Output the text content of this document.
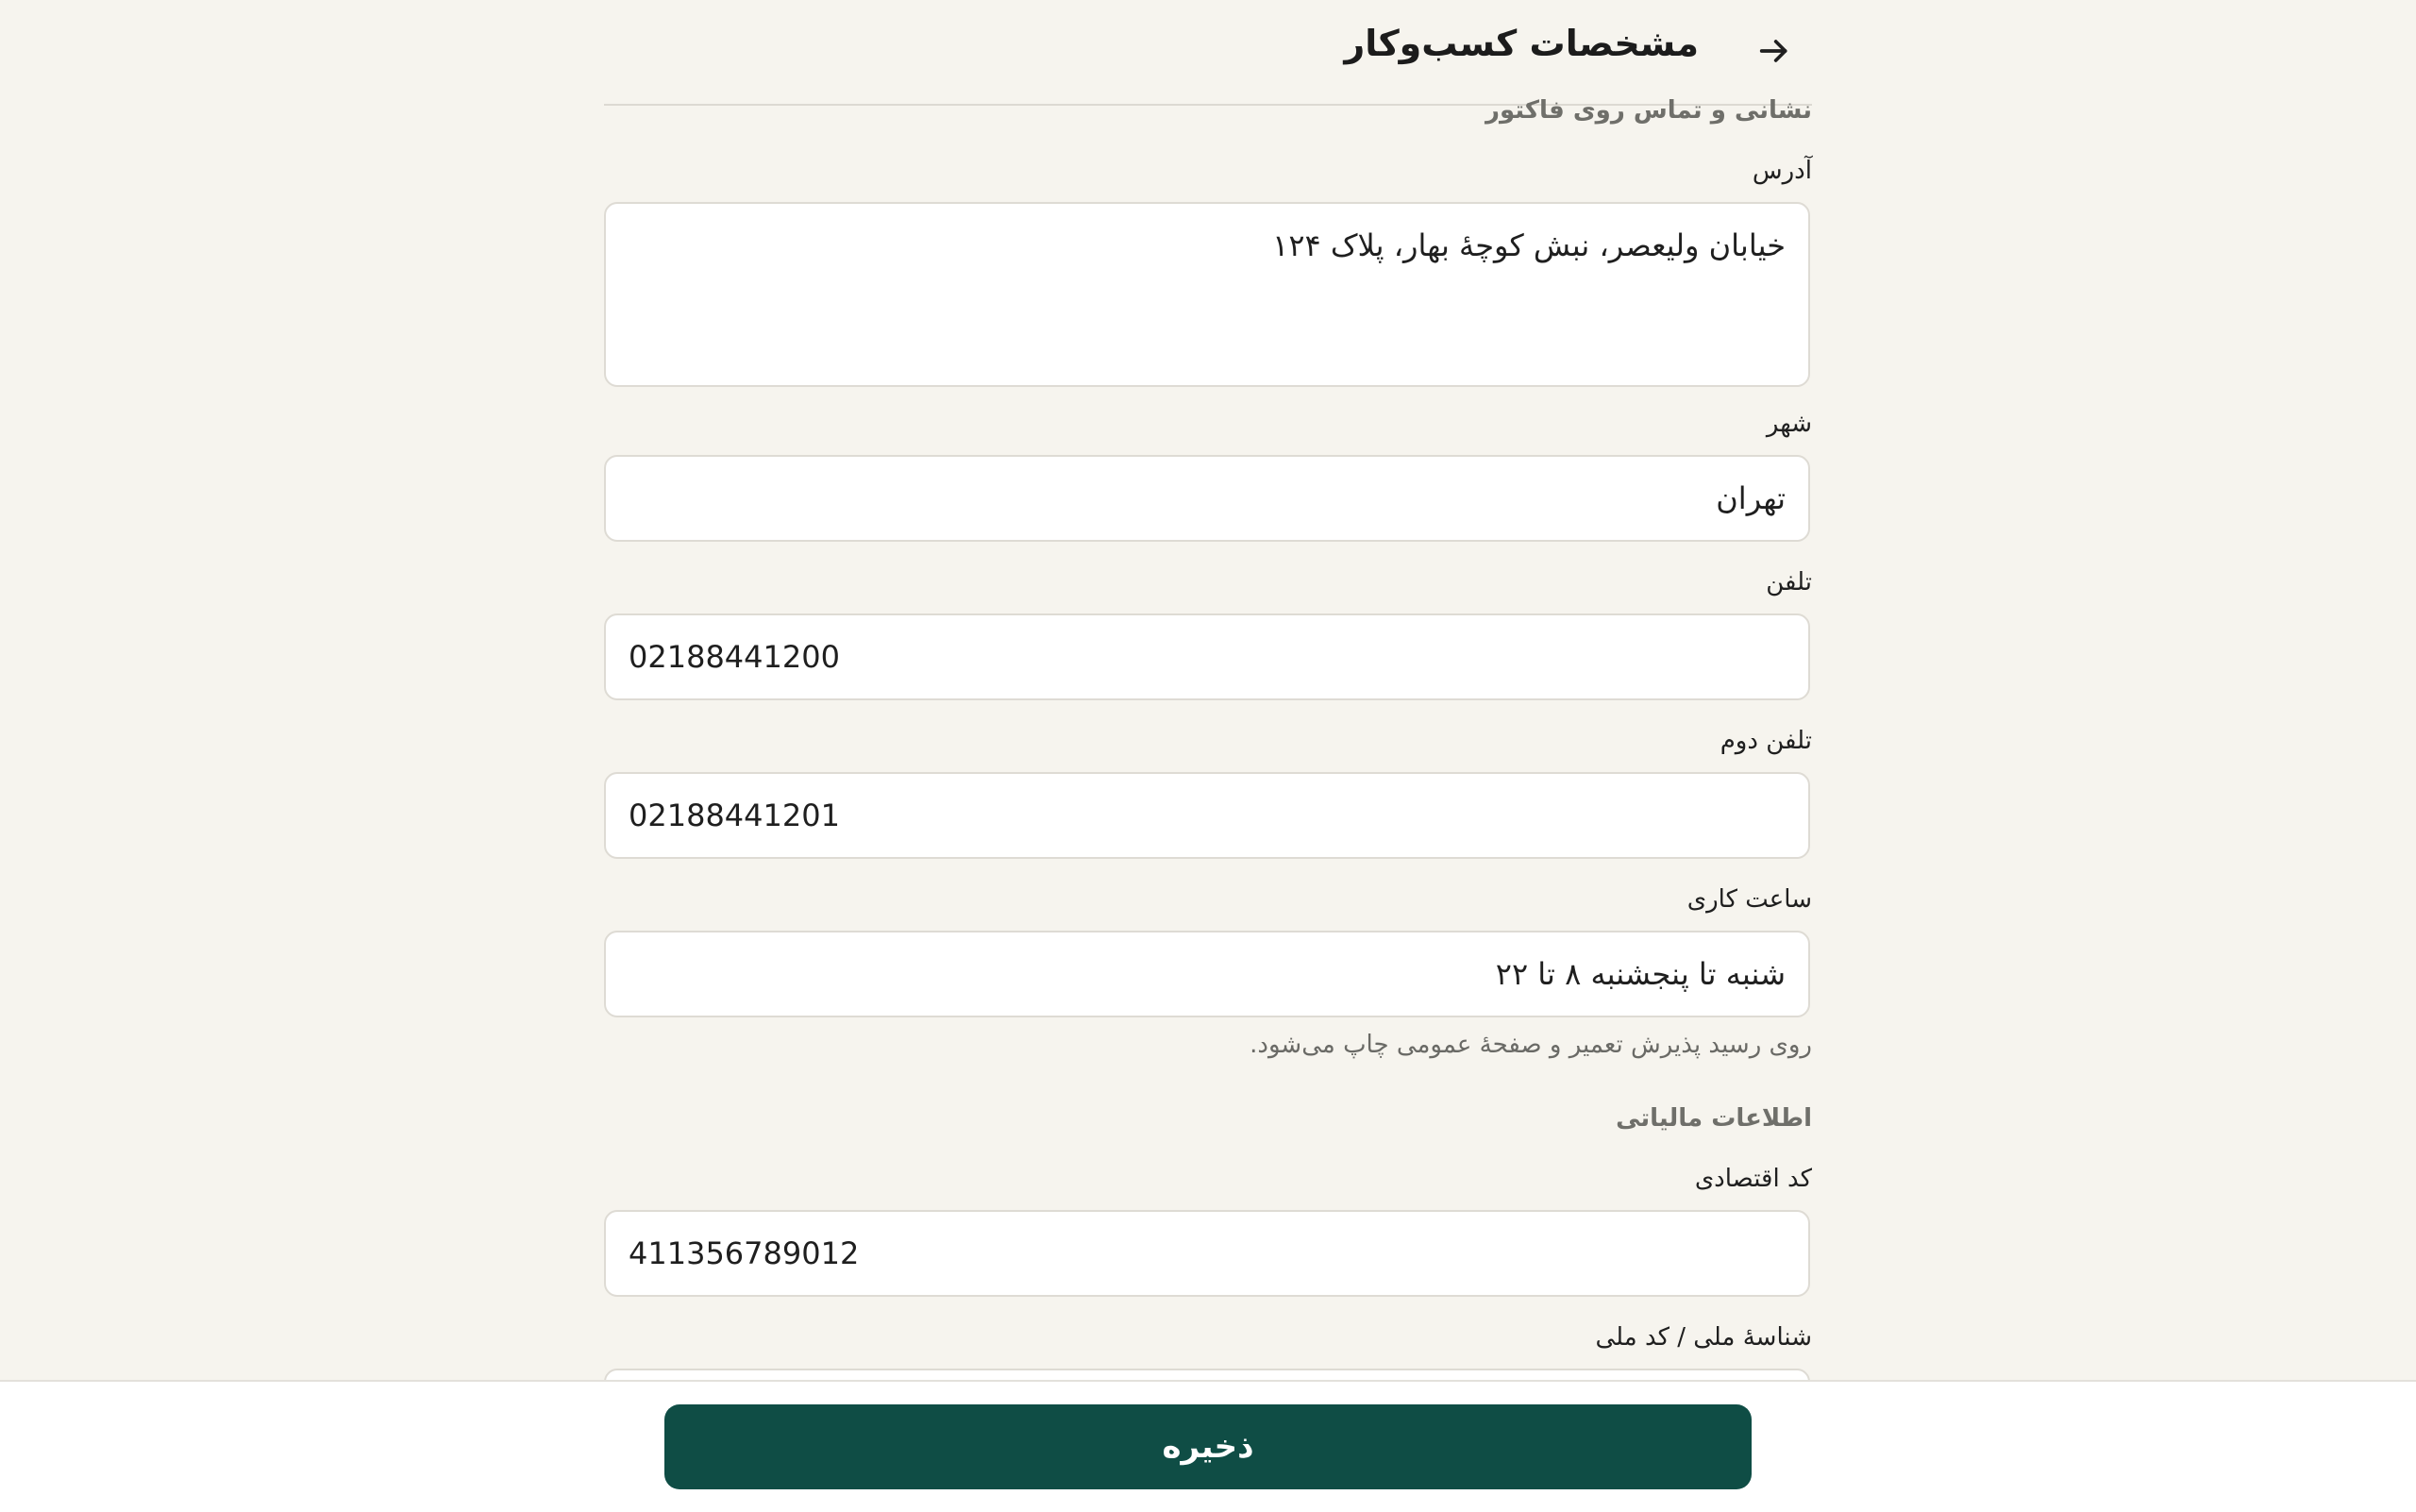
مشخصات کسب‌وکار
نشانی و تماس روی فاکتور
آدرس
خیابان ولیعصر، نبش کوچهٔ بهار، پلاک ۱۲۴
شهر
تهران
تلفن
02188441200
تلفن دوم
02188441201
ساعت کاری
شنبه تا پنجشنبه ۸ تا ۲۲
روی رسید پذیرش تعمیر و صفحهٔ عمومی چاپ می‌شود.
اطلاعات مالیاتی
کد اقتصادی
411356789012
شناسهٔ ملی / کد ملی
ذخیره
